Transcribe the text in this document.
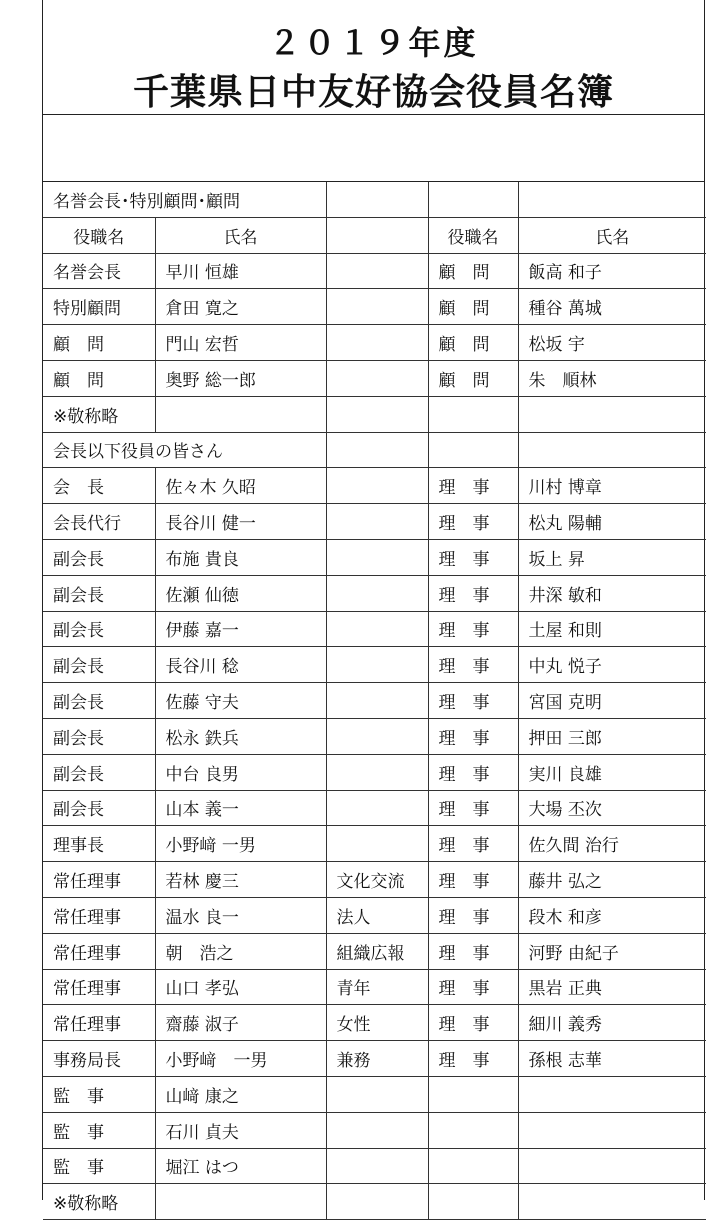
２０１９年度
千葉県日中友好協会役員名簿
名誉会長･特別顧問･顧問				
役職名	氏名		役職名	氏名
名誉会長	早川 恒雄		顧　問	飯高 和子
特別顧問	倉田 寛之		顧　問	種谷 萬城
顧　問	門山 宏哲		顧　問	松坂 宇
顧　問	奥野 総一郎		顧　問	朱　順林
※敬称略				
会長以下役員の皆さん				
会　長	佐々木 久昭		理　事	川村 博章
会長代行	長谷川 健一		理　事	松丸 陽輔
副会長	布施 貴良		理　事	坂上 昇
副会長	佐瀬 仙徳		理　事	井深 敏和
副会長	伊藤 嘉一		理　事	土屋 和則
副会長	長谷川 稔		理　事	中丸 悦子
副会長	佐藤 守夫		理　事	宮国 克明
副会長	松永 鉄兵		理　事	押田 三郎
副会長	中台 良男		理　事	実川 良雄
副会長	山本 義一		理　事	大場 丕次
理事長	小野﨑 一男		理　事	佐久間 治行
常任理事	若林 慶三	文化交流	理　事	藤井 弘之
常任理事	温水 良一	法人	理　事	段木 和彦
常任理事	朝　浩之	組織広報	理　事	河野 由紀子
常任理事	山口 孝弘	青年	理　事	黒岩 正典
常任理事	齋藤 淑子	女性	理　事	細川 義秀
事務局長	小野﨑　一男	兼務	理　事	孫根 志華
監　事	山﨑 康之			
監　事	石川 貞夫			
監　事	堀江 はつ			
※敬称略				
